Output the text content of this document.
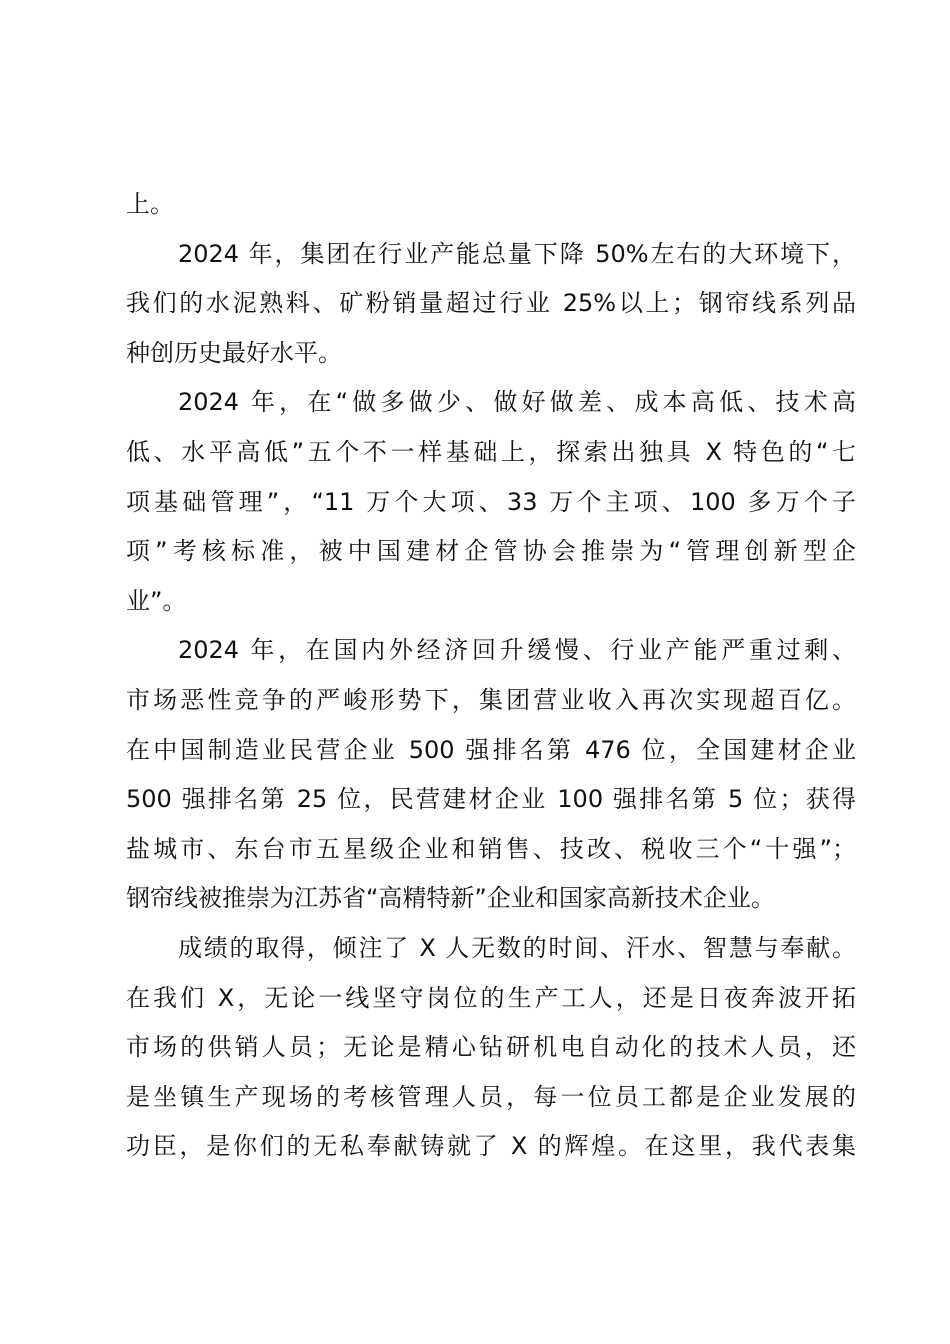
上。
2024 年，集团在行业产能总量下降 50%左右的大环境下，
我们的水泥熟料、矿粉销量超过行业 25%以上；钢帘线系列品
种创历史最好水平。
2024 年，在“做多做少、做好做差、成本高低、技术高
低、水平高低”五个不一样基础上，探索出独具 X 特色的“七
项基础管理”，“11 万个大项、33 万个主项、100 多万个子
项”考核标准，被中国建材企管协会推崇为“管理创新型企
业”。
2024 年，在国内外经济回升缓慢、行业产能严重过剩、
市场恶性竞争的严峻形势下，集团营业收入再次实现超百亿。
在中国制造业民营企业 500 强排名第 476 位，全国建材企业
500 强排名第 25 位，民营建材企业 100 强排名第 5 位；获得
盐城市、东台市五星级企业和销售、技改、税收三个“十强”；
钢帘线被推崇为江苏省“高精特新”企业和国家高新技术企业。
成绩的取得，倾注了 X 人无数的时间、汗水、智慧与奉献。
在我们 X，无论一线坚守岗位的生产工人，还是日夜奔波开拓
市场的供销人员；无论是精心钻研机电自动化的技术人员，还
是坐镇生产现场的考核管理人员，每一位员工都是企业发展的
功臣，是你们的无私奉献铸就了 X 的辉煌。在这里，我代表集
